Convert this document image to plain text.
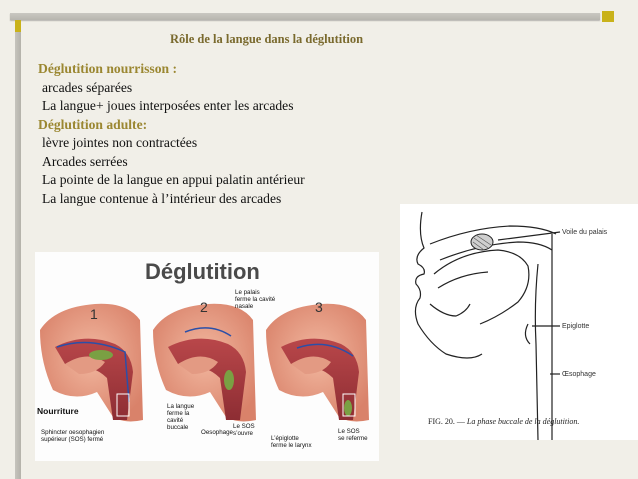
Rôle de la langue dans la déglutition
Déglutition nourrisson :
arcades séparées
La langue+ joues interposées enter les arcades
Déglutition adulte:
lèvre jointes non contractées
Arcades serrées
La pointe de la langue en appui palatin antérieur
La langue contenue à l’intérieur des arcades
Déglutition
1	2	3
Nourriture
Sphincter oesophagien
supérieur (SOS) fermé
Le palais
ferme la cavité
nasale
La langue
ferme la
cavité
buccale
Oesophage
Le SOS
s’ouvre
L’épiglotte
ferme le larynx
Le SOS
se referme
Voile du palais
Epiglotte
Œsophage
FIG. 20. — La phase buccale de la déglutition.
